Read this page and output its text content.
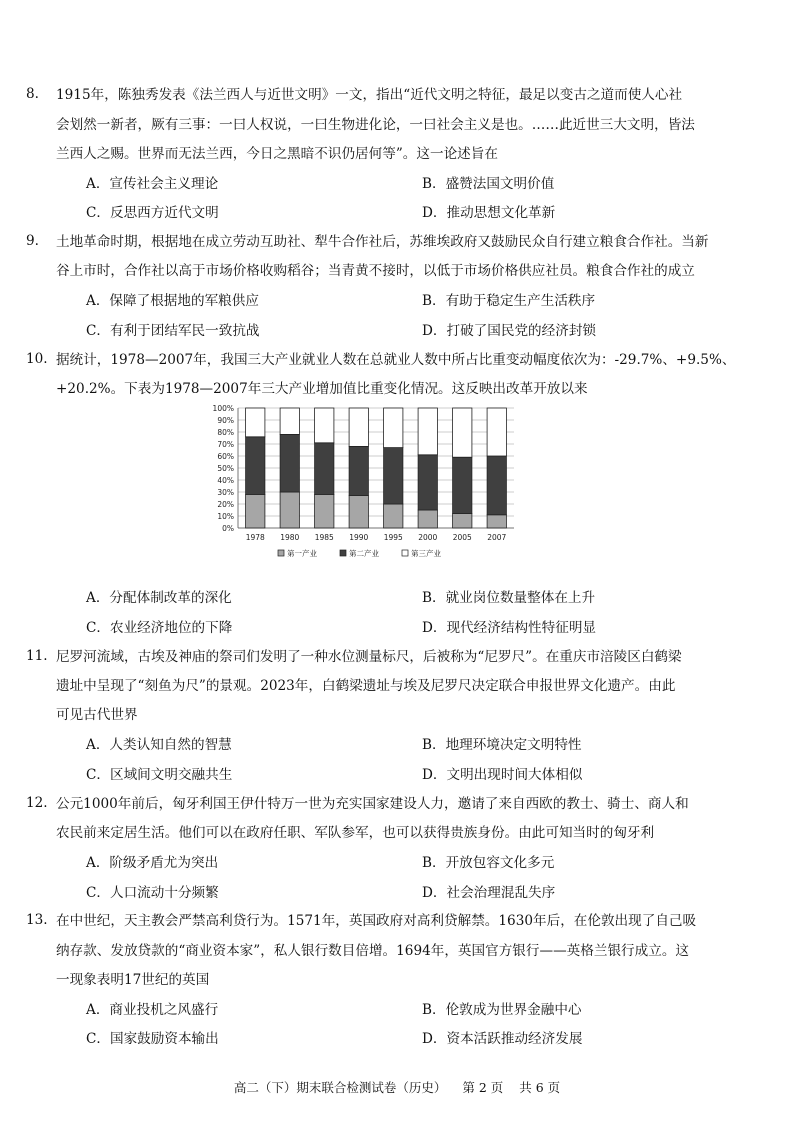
8. 1915年，陈独秀发表《法兰西人与近世文明》一文，指出“近代文明之特征，最足以变古之道而使人心社
会划然一新者，厥有三事：一曰人权说，一曰生物进化论，一曰社会主义是也。……此近世三大文明，皆法
兰西人之赐。世界而无法兰西，今日之黑暗不识仍居何等”。这一论述旨在
A．宣传社会主义理论	B．盛赞法国文明价值
C．反思西方近代文明	D．推动思想文化革新
9. 土地革命时期，根据地在成立劳动互助社、犁牛合作社后，苏维埃政府又鼓励民众自行建立粮食合作社。当新
谷上市时，合作社以高于市场价格收购稻谷；当青黄不接时，以低于市场价格供应社员。粮食合作社的成立
A．保障了根据地的军粮供应	B．有助于稳定生产生活秩序
C．有利于团结军民一致抗战	D．打破了国民党的经济封锁
10. 据统计，1978—2007年，我国三大产业就业人数在总就业人数中所占比重变动幅度依次为：-29.7%、+9.5%、
+20.2%。下表为1978—2007年三大产业增加值比重变化情况。这反映出改革开放以来
0%
10%
20%
30%
40%
50%
60%
70%
80%
90%
100%
1978 1980 1985 1990 1995 2000 2005 2007
第一产业	第二产业	第三产业
A．分配体制改革的深化	B．就业岗位数量整体在上升
C．农业经济地位的下降	D．现代经济结构性特征明显
11. 尼罗河流域，古埃及神庙的祭司们发明了一种水位测量标尺，后被称为“尼罗尺”。在重庆市涪陵区白鹤梁
遗址中呈现了“刻鱼为尺”的景观。2023年，白鹤梁遗址与埃及尼罗尺决定联合申报世界文化遗产。由此
可见古代世界
A．人类认知自然的智慧	B．地理环境决定文明特性
C．区域间文明交融共生	D．文明出现时间大体相似
12. 公元1000年前后，匈牙利国王伊什特万一世为充实国家建设人力，邀请了来自西欧的教士、骑士、商人和
农民前来定居生活。他们可以在政府任职、军队参军，也可以获得贵族身份。由此可知当时的匈牙利
A．阶级矛盾尤为突出	B．开放包容文化多元
C．人口流动十分频繁	D．社会治理混乱失序
13. 在中世纪，天主教会严禁高利贷行为。1571年，英国政府对高利贷解禁。1630年后，在伦敦出现了自己吸
纳存款、发放贷款的“商业资本家”，私人银行数目倍增。1694年，英国官方银行——英格兰银行成立。这
一现象表明17世纪的英国
A．商业投机之风盛行	B．伦敦成为世界金融中心
C．国家鼓励资本输出	D．资本活跃推动经济发展
高二（下）期末联合检测试卷（历史） 第 2 页 共 6 页
